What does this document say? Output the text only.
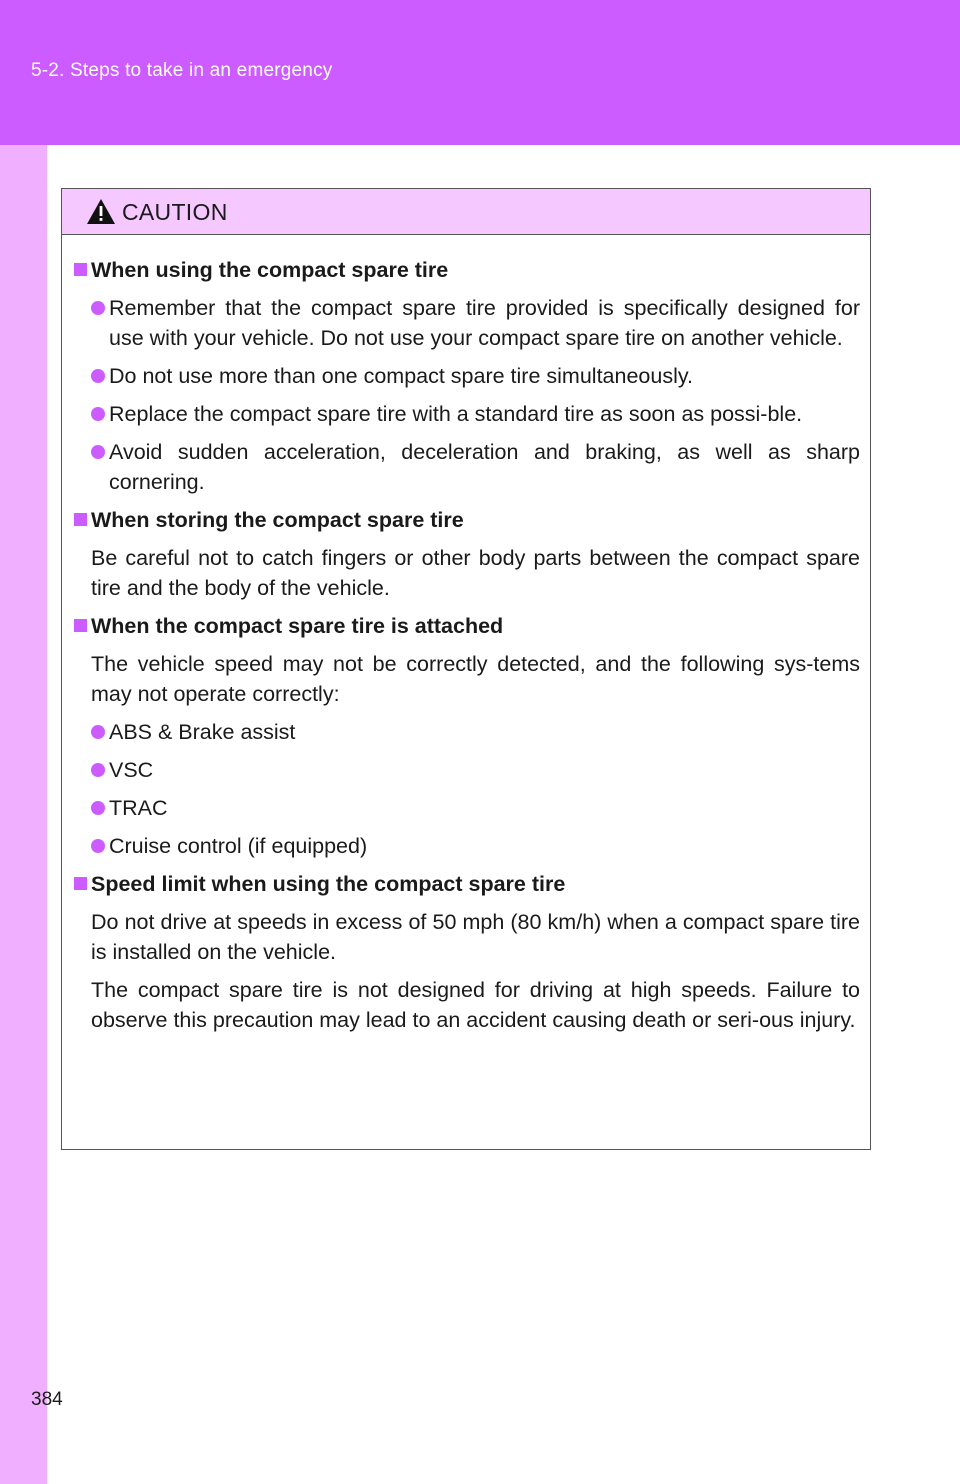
5-2. Steps to take in an emergency
CAUTION
When using the compact spare tire
Remember that the compact spare tire provided is specifically designed for use with your vehicle. Do not use your compact spare tire on another vehicle.
Do not use more than one compact spare tire simultaneously.
Replace the compact spare tire with a standard tire as soon as possi-ble.
Avoid sudden acceleration, deceleration and braking, as well as sharp cornering.
When storing the compact spare tire
Be careful not to catch fingers or other body parts between the compact spare tire and the body of the vehicle.
When the compact spare tire is attached
The vehicle speed may not be correctly detected, and the following sys-tems may not operate correctly:
ABS & Brake assist
VSC
TRAC
Cruise control (if equipped)
Speed limit when using the compact spare tire
Do not drive at speeds in excess of 50 mph (80 km/h) when a compact spare tire is installed on the vehicle.
The compact spare tire is not designed for driving at high speeds. Failure to observe this precaution may lead to an accident causing death or seri-ous injury.
384
